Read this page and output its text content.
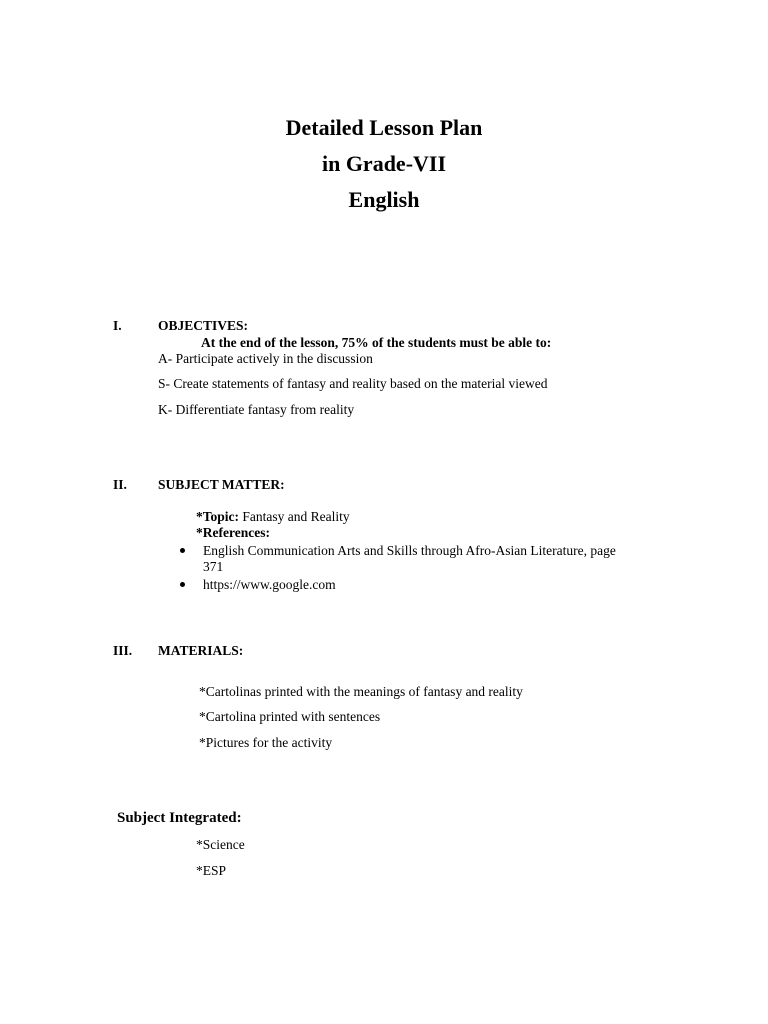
Detailed Lesson Plan
in Grade-VII
English
I.	OBJECTIVES:
At the end of the lesson, 75% of the students must be able to:
A- Participate actively in the discussion
S- Create statements of fantasy and reality based on the material viewed
K- Differentiate fantasy from reality
II. SUBJECT MATTER:
*Topic: Fantasy and Reality
*References:
English Communication Arts and Skills through Afro-Asian Literature, page
371
https://www.google.com
III. MATERIALS:
*Cartolinas printed with the meanings of fantasy and reality
*Cartolina printed with sentences
*Pictures for the activity
Subject Integrated:
*Science
*ESP
